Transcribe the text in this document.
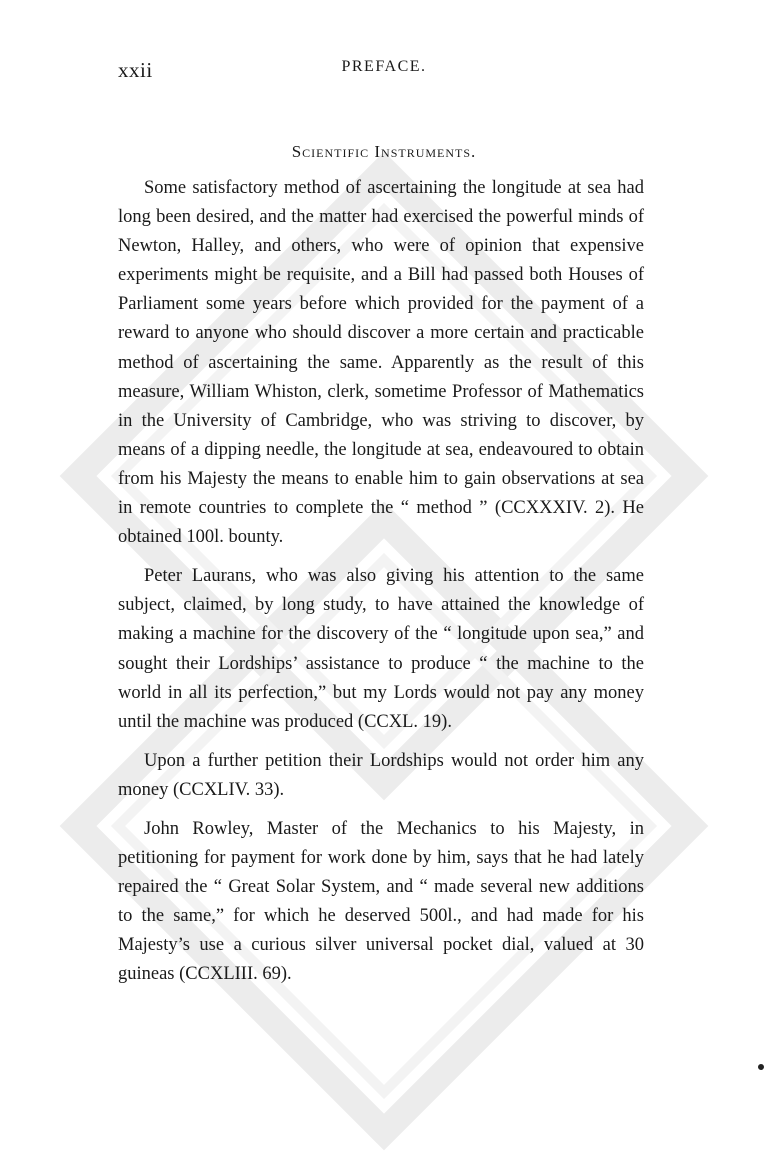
xxii	PREFACE.
Scientific Instruments.

Some satisfactory method of ascertaining the longitude at sea had long been desired, and the matter had exercised the powerful minds of Newton, Halley, and others, who were of opinion that expensive experiments might be requisite, and a Bill had passed both Houses of Parliament some years before which provided for the payment of a reward to anyone who should discover a more certain and practicable method of ascertaining the same. Apparently as the result of this measure, William Whiston, clerk, sometime Professor of Mathematics in the University of Cambridge, who was striving to discover, by means of a dipping needle, the longitude at sea, endeavoured to obtain from his Majesty the means to enable him to gain observations at sea in remote countries to complete the “ method ” (CCXXXIV. 2). He obtained 100l. bounty.

Peter Laurans, who was also giving his attention to the same subject, claimed, by long study, to have attained the knowledge of making a machine for the discovery of the “ longitude upon sea,” and sought their Lordships’ assistance to produce “ the machine to the world in all its perfection,” but my Lords would not pay any money until the machine was produced (CCXL. 19).

Upon a further petition their Lordships would not order him any money (CCXLIV. 33).

John Rowley, Master of the Mechanics to his Majesty, in petitioning for payment for work done by him, says that he had lately repaired the “ Great Solar System, and “ made several new additions to the same,” for which he deserved 500l., and had made for his Majesty’s use a curious silver universal pocket dial, valued at 30 guineas (CCXLIII. 69).
